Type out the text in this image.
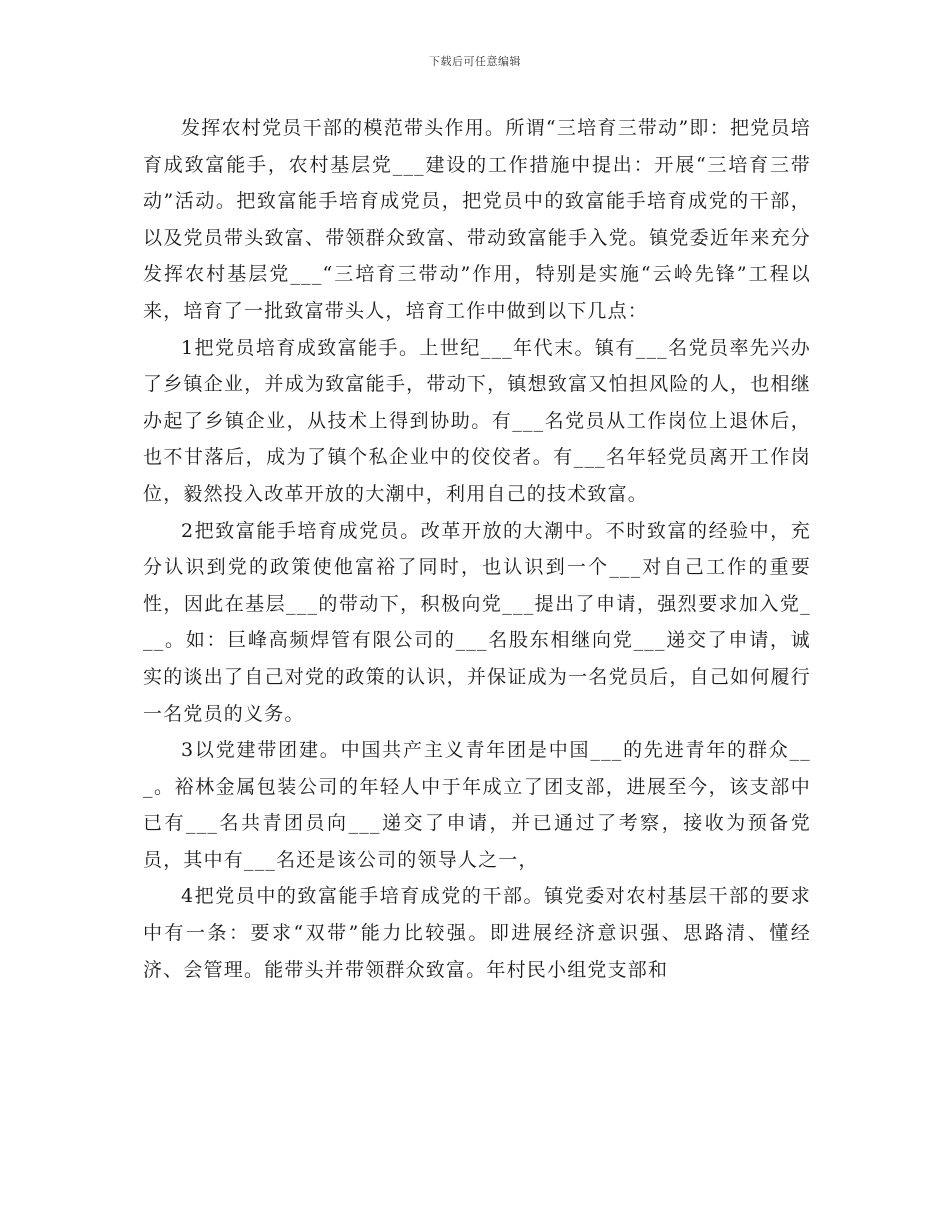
下载后可任意编辑

发挥农村党员干部的模范带头作用。所谓“三培育三带动”即：把党员培育成致富能手，农村基层党___建设的工作措施中提出：开展“三培育三带动”活动。把致富能手培育成党员，把党员中的致富能手培育成党的干部，以及党员带头致富、带领群众致富、带动致富能手入党。镇党委近年来充分发挥农村基层党___“三培育三带动”作用，特别是实施“云岭先锋”工程以来，培育了一批致富带头人，培育工作中做到以下几点：

1把党员培育成致富能手。上世纪___年代末。镇有___名党员率先兴办了乡镇企业，并成为致富能手，带动下，镇想致富又怕担风险的人，也相继办起了乡镇企业，从技术上得到协助。有___名党员从工作岗位上退休后，也不甘落后，成为了镇个私企业中的佼佼者。有___名年轻党员离开工作岗位，毅然投入改革开放的大潮中，利用自己的技术致富。

2把致富能手培育成党员。改革开放的大潮中。不时致富的经验中，充分认识到党的政策使他富裕了同时，也认识到一个___对自己工作的重要性，因此在基层___的带动下，积极向党___提出了申请，强烈要求加入党___。如：巨峰高频焊管有限公司的___名股东相继向党___递交了申请，诚实的谈出了自己对党的政策的认识，并保证成为一名党员后，自己如何履行一名党员的义务。

3以党建带团建。中国共产主义青年团是中国___的先进青年的群众___。裕林金属包装公司的年轻人中于年成立了团支部，进展至今，该支部中已有___名共青团员向___递交了申请，并已通过了考察，接收为预备党员，其中有___名还是该公司的领导人之一，

4把党员中的致富能手培育成党的干部。镇党委对农村基层干部的要求中有一条：要求“双带”能力比较强。即进展经济意识强、思路清、懂经济、会管理。能带头并带领群众致富。年村民小组党支部和
